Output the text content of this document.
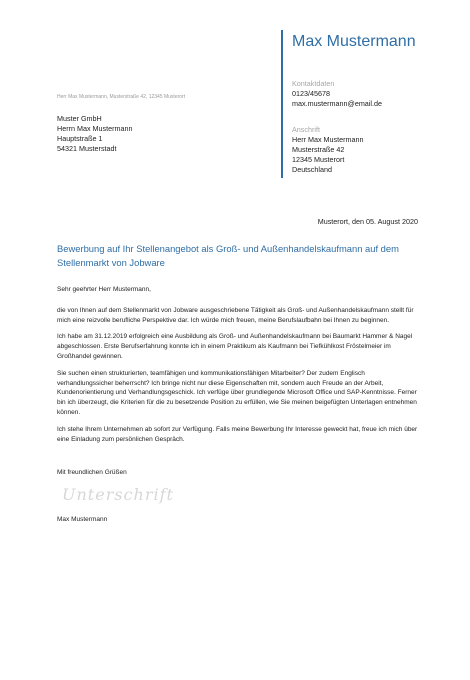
Max Mustermann
Kontaktdaten
0123/45678
max.mustermann@email.de
Anschrift
Herr Max Mustermann
Musterstraße 42
12345 Musterort
Deutschland
Herr Max Mustermann, Musterstraße 42, 12345 Musterort
Muster GmbH
Herrn Max Mustermann
Hauptstraße 1
54321 Musterstadt
Musterort, den 05. August 2020
Bewerbung auf Ihr Stellenangebot als Groß- und Außenhandelskaufmann auf dem Stellenmarkt von Jobware

Sehr geehrter Herr Mustermann,

die von Ihnen auf dem Stellenmarkt von Jobware ausgeschriebene Tätigkeit als Groß- und Außenhandelskaufmann stellt für mich eine reizvolle berufliche Perspektive dar. Ich würde mich freuen, meine Berufslaufbahn bei Ihnen zu beginnen.

Ich habe am 31.12.2019 erfolgreich eine Ausbildung als Groß- und Außenhandelskaufmann bei Baumarkt Hammer & Nagel abgeschlossen. Erste Berufserfahrung konnte ich in einem Praktikum als Kaufmann bei Tiefkühlkost Fröstelmeier im Großhandel gewinnen.

Sie suchen einen strukturierten, teamfähigen und kommunikationsfähigen Mitarbeiter? Der zudem Englisch verhandlungssicher beherrscht? Ich bringe nicht nur diese Eigenschaften mit, sondern auch Freude an der Arbeit, Kundenorientierung und Verhandlungsgeschick. Ich verfüge über grundlegende Microsoft Office und SAP-Kenntnisse. Ferner bin ich überzeugt, die Kriterien für die zu besetzende Position zu erfüllen, wie Sie meinen beigefügten Unterlagen entnehmen können.

Ich stehe Ihrem Unternehmen ab sofort zur Verfügung. Falls meine Bewerbung Ihr Interesse geweckt hat, freue ich mich über eine Einladung zum persönlichen Gespräch.

Mit freundlichen Grüßen
Unterschrift
Max Mustermann
